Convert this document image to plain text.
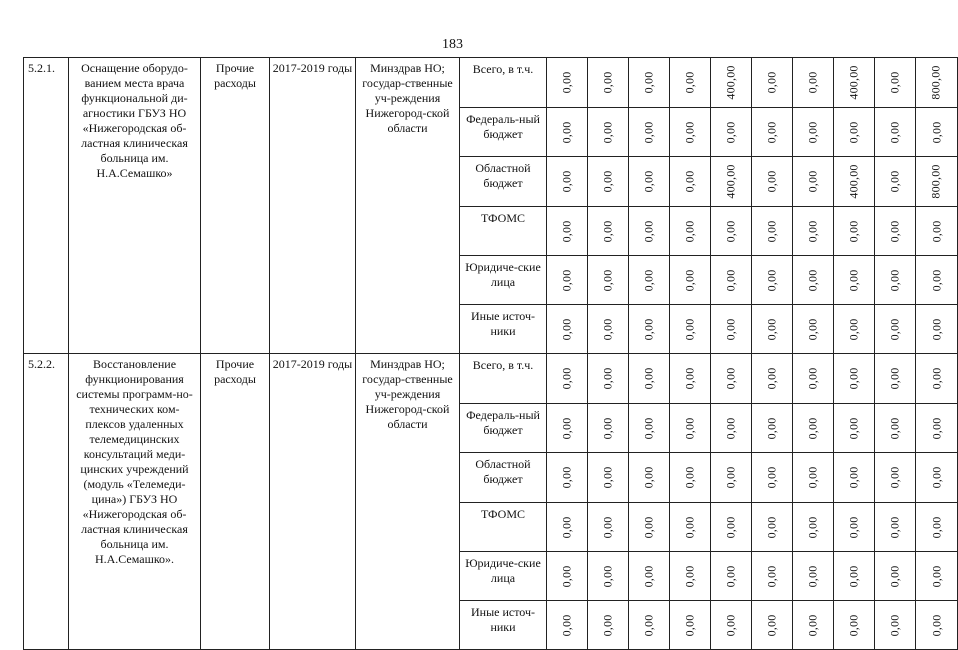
183
5.2.1.	Оснащение оборудо-ванием места врача функциональной ди-агностики ГБУЗ НО «Нижегородская об-ластная клиническая больница им. Н.А.Семашко»	Прочие расходы	2017-2019 годы	Минздрав НО; государ-ственные уч-реждения Нижегород-ской области	Всего, в т.ч.	0,00	0,00	0,00	0,00	400,00	0,00	0,00	400,00	0,00	800,00
					Федераль-ный бюджет	0,00	0,00	0,00	0,00	0,00	0,00	0,00	0,00	0,00	0,00
					Областной бюджет	0,00	0,00	0,00	0,00	400,00	0,00	0,00	400,00	0,00	800,00
					ТФОМС	0,00	0,00	0,00	0,00	0,00	0,00	0,00	0,00	0,00	0,00
					Юридиче-ские лица	0,00	0,00	0,00	0,00	0,00	0,00	0,00	0,00	0,00	0,00
					Иные источ-ники	0,00	0,00	0,00	0,00	0,00	0,00	0,00	0,00	0,00	0,00
5.2.2.	Восстановление функционирования системы программ-но-технических ком-плексов удаленных телемедицинских консультаций меди-цинских учреждений (модуль «Телемеди-цина») ГБУЗ НО «Нижегородская об-ластная клиническая больница им. Н.А.Семашко».	Прочие расходы	2017-2019 годы	Минздрав НО; государ-ственные уч-реждения Нижегород-ской области	Всего, в т.ч.	0,00	0,00	0,00	0,00	0,00	0,00	0,00	0,00	0,00	0,00
					Федераль-ный бюджет	0,00	0,00	0,00	0,00	0,00	0,00	0,00	0,00	0,00	0,00
					Областной бюджет	0,00	0,00	0,00	0,00	0,00	0,00	0,00	0,00	0,00	0,00
					ТФОМС	0,00	0,00	0,00	0,00	0,00	0,00	0,00	0,00	0,00	0,00
					Юридиче-ские лица	0,00	0,00	0,00	0,00	0,00	0,00	0,00	0,00	0,00	0,00
					Иные источ-ники	0,00	0,00	0,00	0,00	0,00	0,00	0,00	0,00	0,00	0,00
